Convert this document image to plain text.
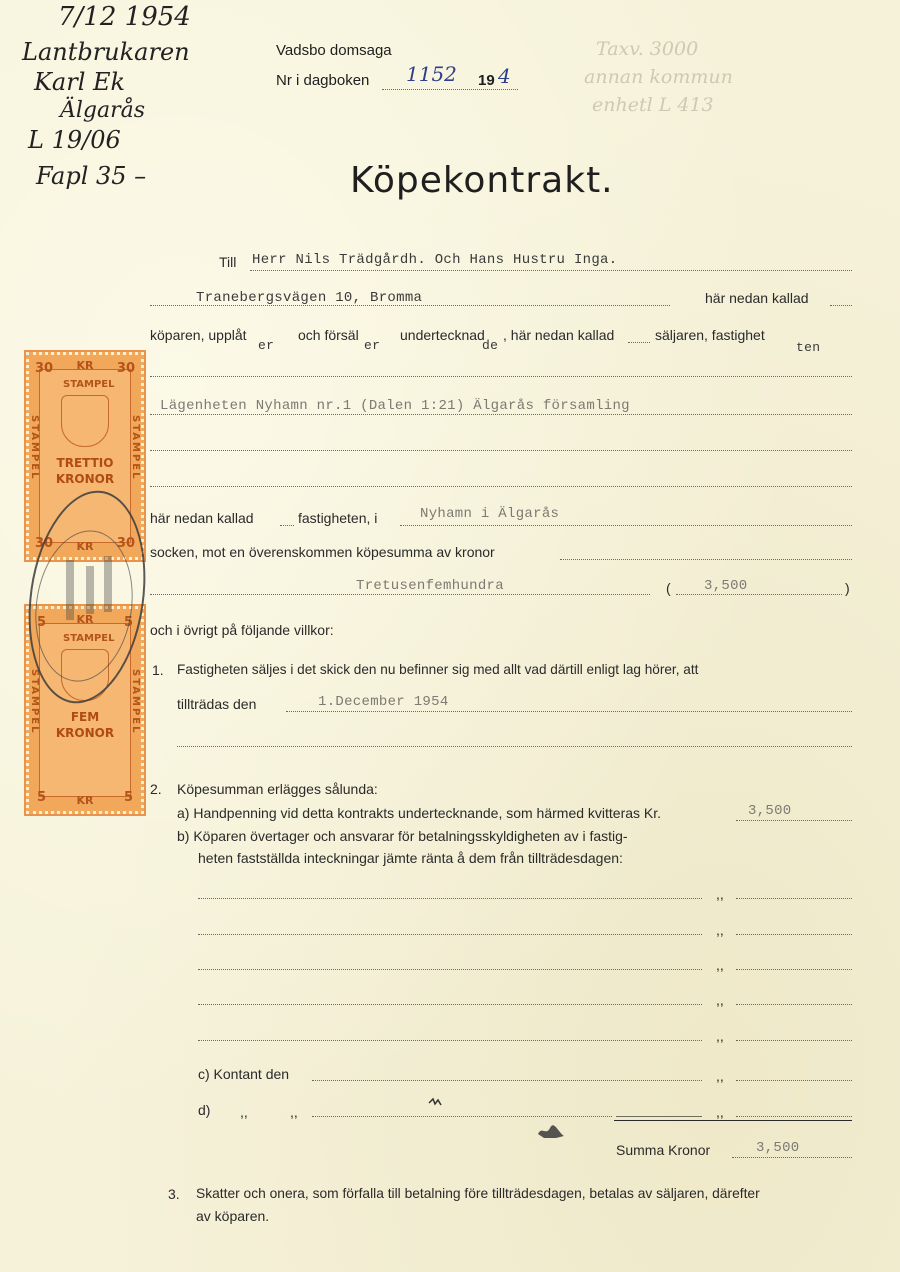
7/12 1954
Lantbrukaren
Karl Ek
Älgarås
L 19/06
Fapl 35 –
Taxv. 3000
annan kommun
enhetl L 413
Vadsbo domsaga
Nr i dagboken 1152 19 4
Köpekontrakt.
Till Herr Nils Trädgårdh. Och Hans Hustru Inga.
Tranebergsvägen 10, Bromma	här nedan kallad
köparen, upplåt
er
och försäl
er
undertecknad
de
, här nedan kallad	säljaren, fastighet
ten
Lägenheten Nyhamn nr.1 (Dalen 1:21) Älgarås församling
här nedan kallad	fastigheten, i	Nyhamn i Älgarås
socken, mot en överenskommen köpesumma av kronor
Tretusenfemhundra	( 3,500	)
och i övrigt på följande villkor:
1. Fastigheten säljes i det skick den nu befinner sig med allt vad därtill enligt lag hörer, att
tillträdas den	1.December 1954
2. Köpesumman erlägges sålunda:
a) Handpenning vid detta kontrakts undertecknande, som härmed kvitteras Kr.	3,500
b) Köparen övertager och ansvarar för betalningsskyldigheten av i fastig-
heten fastställda inteckningar jämte ränta å dem från tillträdesdagen:
,,
,,
,,
,,
,,
c) Kontant den	,,
d) ,,	,,	,,
Summa Kronor	3,500
3. Skatter och onera, som förfalla till betalning före tillträdesdagen, betalas av säljaren, därefter
av köparen.
30 KR 30
STAMPEL	STAMPEL
STAMPEL
TRETTIO
KRONOR
30 KR 30
5	KR 5
STAMPEL	STAMPEL
STAMPEL
FEM
KRONOR
5	KR 5
